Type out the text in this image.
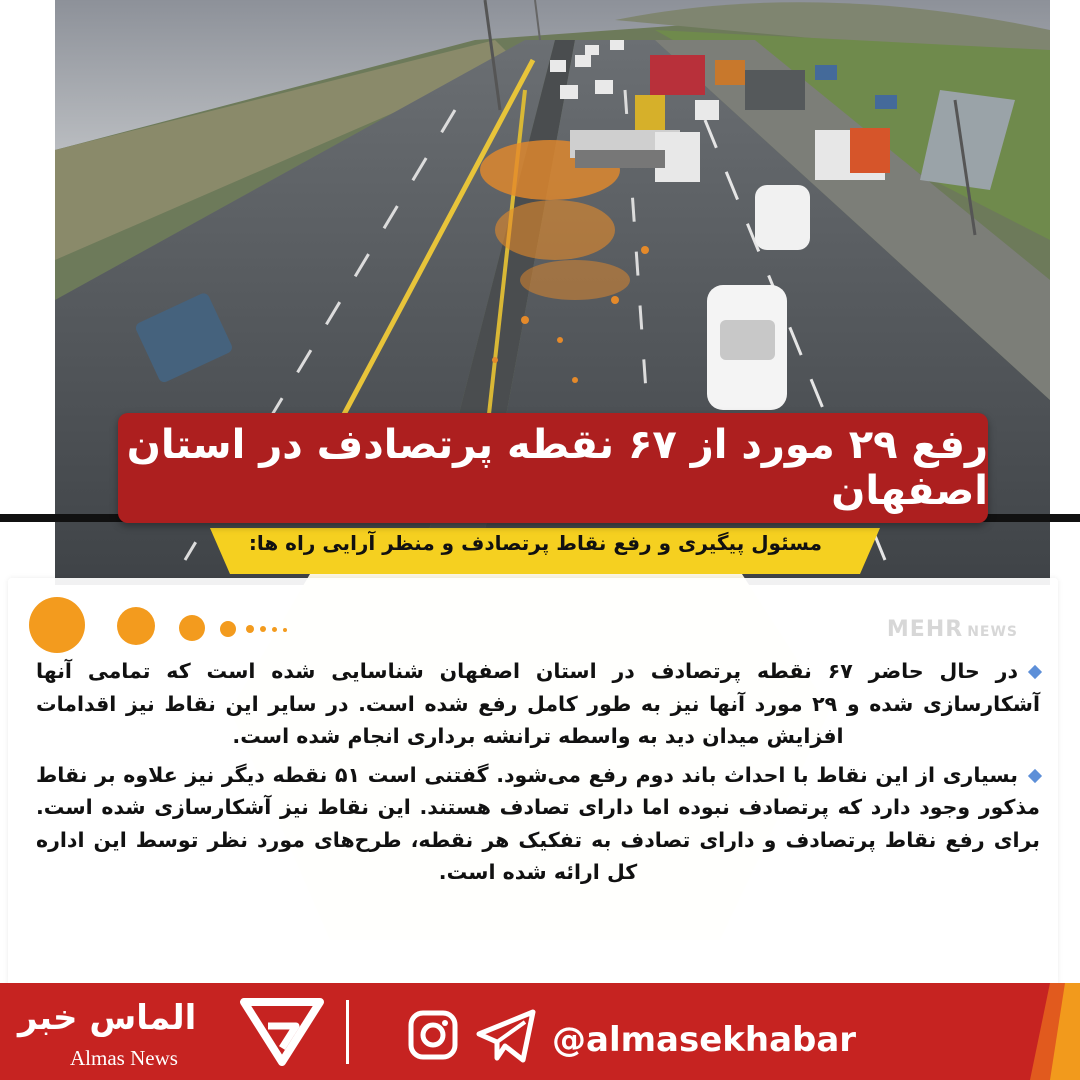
مسئول پیگیری و رفع نقاط پرتصادف و منظر آرایی راه ها:
رفع ۲۹ مورد از ۶۷ نقطه پرتصادف در استان اصفهان
MEHR NEWS

در حال حاضر ۶۷ نقطه پرتصادف در استان اصفهان شناسایی شده است که تمامی آنها آشکارسازی شده و ۲۹ مورد آنها نیز به طور کامل رفع شده است. در سایر این نقاط نیز اقدامات افزایش میدان دید به واسطه ترانشه برداری انجام شده است.

بسیاری از این نقاط با احداث باند دوم رفع می‌شود. گفتنی است ۵۱ نقطه دیگر نیز علاوه بر نقاط مذکور وجود دارد که پرتصادف نبوده اما دارای تصادف هستند. این نقاط نیز آشکارسازی شده است. برای رفع نقاط پرتصادف و دارای تصادف به تفکیک هر نقطه، طرح‌های مورد نظر توسط این اداره کل ارائه شده است.

الماس خبر
Almas News	@almasekhabar
